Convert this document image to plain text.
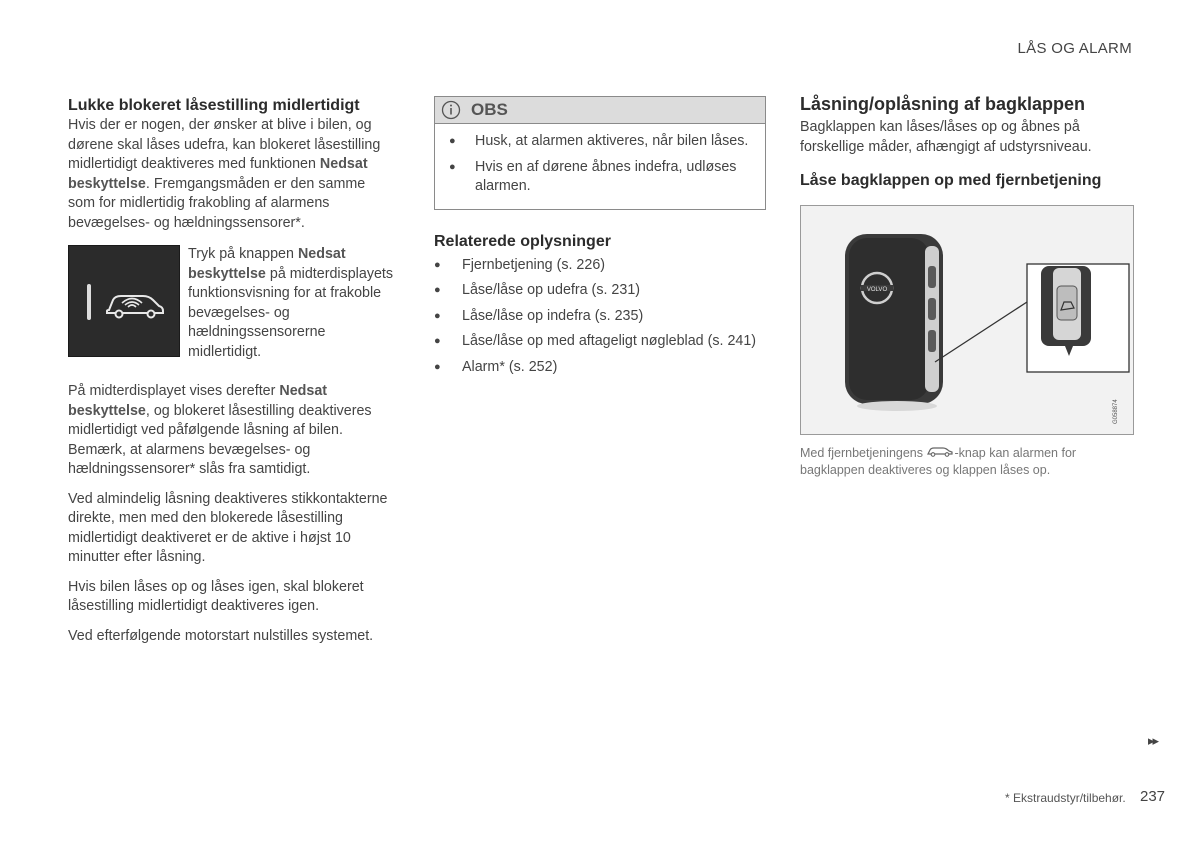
LÅS OG ALARM
Lukke blokeret låsestilling midlertidigt

Hvis der er nogen, der ønsker at blive i bilen, og dørene skal låses udefra, kan blokeret låsestilling midlertidigt deaktiveres med funktionen Nedsat beskyttelse. Fremgangsmåden er den samme som for midlertidig frakobling af alarmens bevægelses- og hældningssensorer*.

Tryk på knappen Nedsat beskyttelse på midterdisplayets funktionsvisning for at frakoble bevægelses- og hældningssensorerne midlertidigt.

På midterdisplayet vises derefter Nedsat beskyttelse, og blokeret låsestilling deaktiveres midlertidigt ved påfølgende låsning af bilen. Bemærk, at alarmens bevægelses- og hældningssensorer* slås fra samtidigt.

Ved almindelig låsning deaktiveres stikkontakterne direkte, men med den blokerede låsestilling midlertidigt deaktiveret er de aktive i højst 10 minutter efter låsning.

Hvis bilen låses op og låses igen, skal blokeret låsestilling midlertidigt deaktiveres igen.

Ved efterfølgende motorstart nulstilles systemet.

OBS
●	Husk, at alarmen aktiveres, når bilen låses.
●	Hvis en af dørene åbnes indefra, udløses alarmen.
Relaterede oplysninger
●	Fjernbetjening (s. 226)
●	Låse/låse op udefra (s. 231)
●	Låse/låse op indefra (s. 235)
●	Låse/låse op med aftageligt nøgleblad (s. 241)
●	Alarm* (s. 252)
Låsning/oplåsning af bagklappen

Bagklappen kan låses/låses op og åbnes på forskellige måder, afhængigt af udstyrsniveau.

Låse bagklappen op med fjernbetjening
VOLVO
G058874
Med fjernbetjeningens -knap kan alarmen for bagklappen deaktiveres og klappen låses op.
▸▸
* Ekstraudstyr/tilbehør. 237
